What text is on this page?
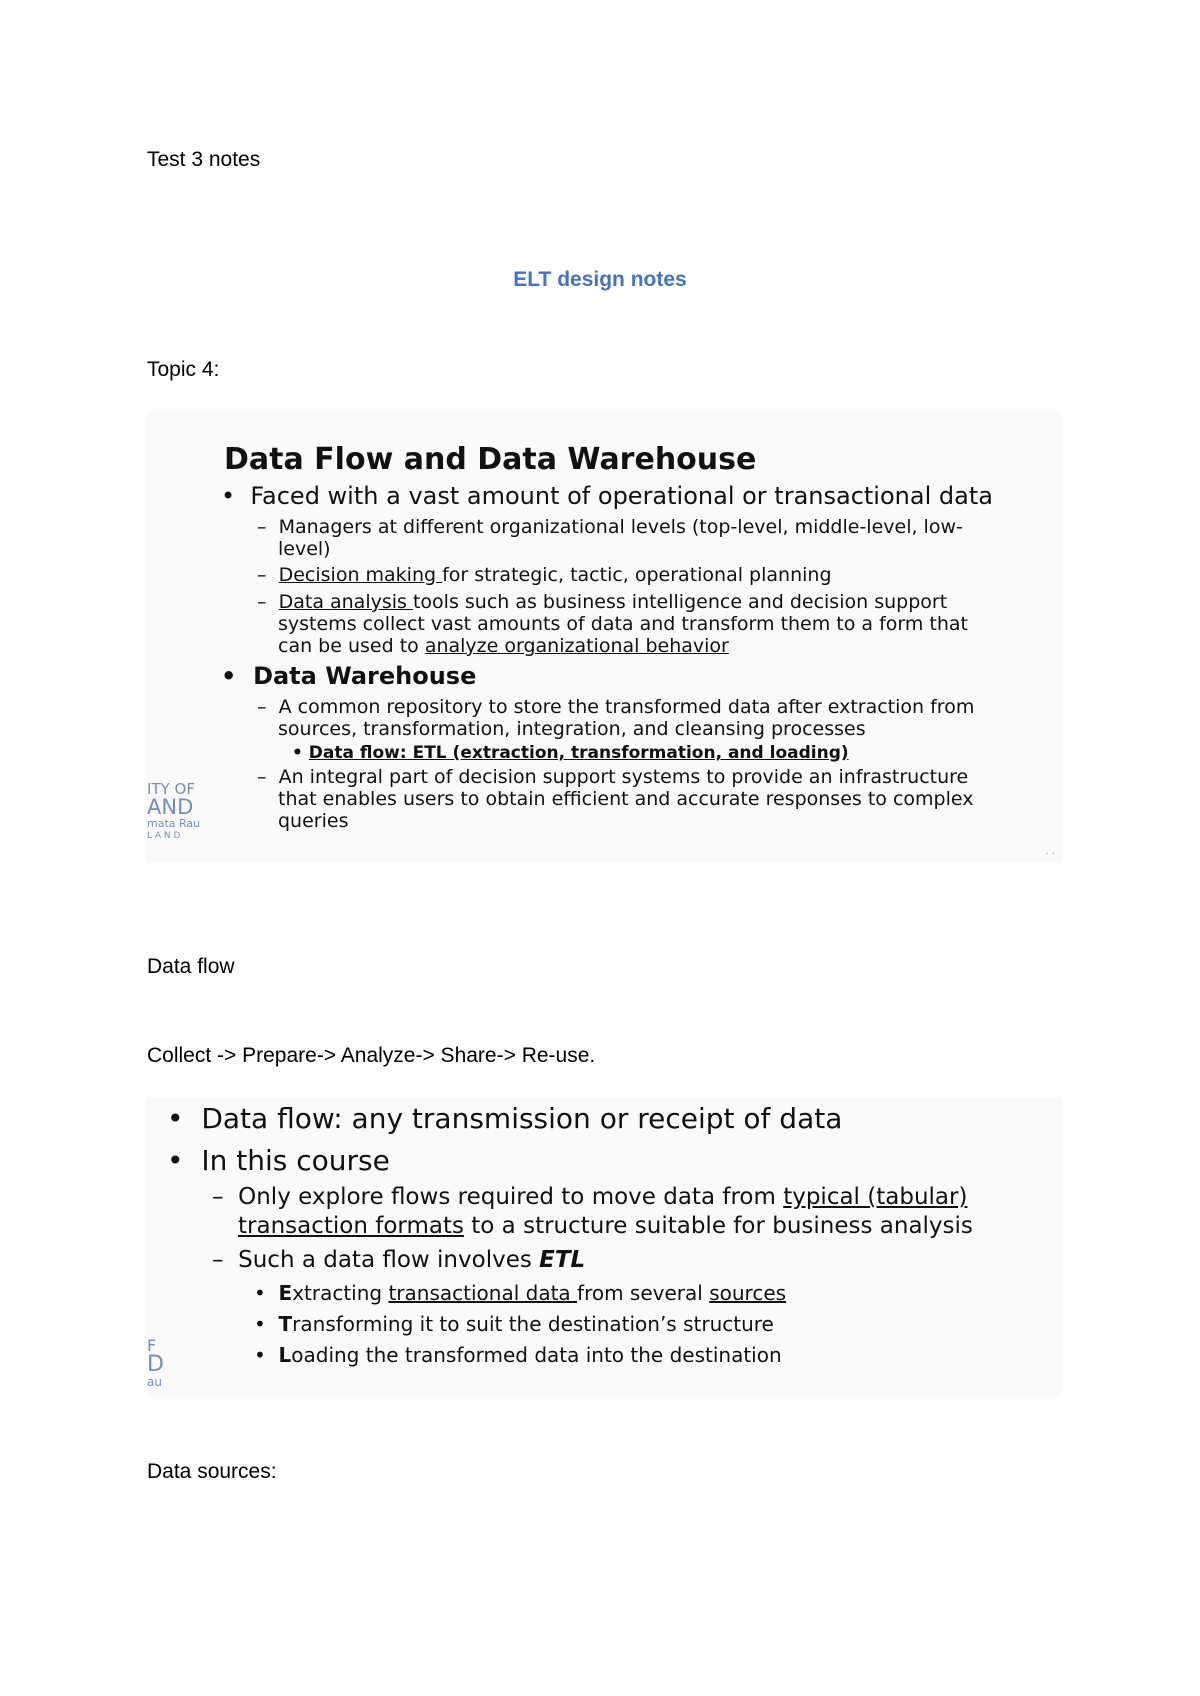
Test 3 notes
ELT design notes
Topic 4:
Data Flow and Data Warehouse
•  Faced with a vast amount of operational or transactional data
–  Managers at different organizational levels (top-level, middle-level, low-
level)
–  Decision making for strategic, tactic, operational planning
–  Data analysis tools such as business intelligence and decision support
systems collect vast amounts of data and transform them to a form that
can be used to analyze organizational behavior
•  Data Warehouse
–  A common repository to store the transformed data after extraction from
sources, transformation, integration, and cleansing processes
• Data flow: ETL (extraction, transformation, and loading)
–  An integral part of decision support systems to provide an infrastructure
that enables users to obtain efficient and accurate responses to complex
queries
ITY OF
AND
mata Rau
L A N D
· ·
Data flow
Collect -> Prepare-> Analyze-> Share-> Re-use.
•  Data flow: any transmission or receipt of data
•  In this course
–  Only explore flows required to move data from typical (tabular)
transaction formats to a structure suitable for business analysis
–  Such a data flow involves ETL
•  Extracting transactional data from several sources
•  Transforming it to suit the destination’s structure
•  Loading the transformed data into the destination
F
D
au
Data sources:
